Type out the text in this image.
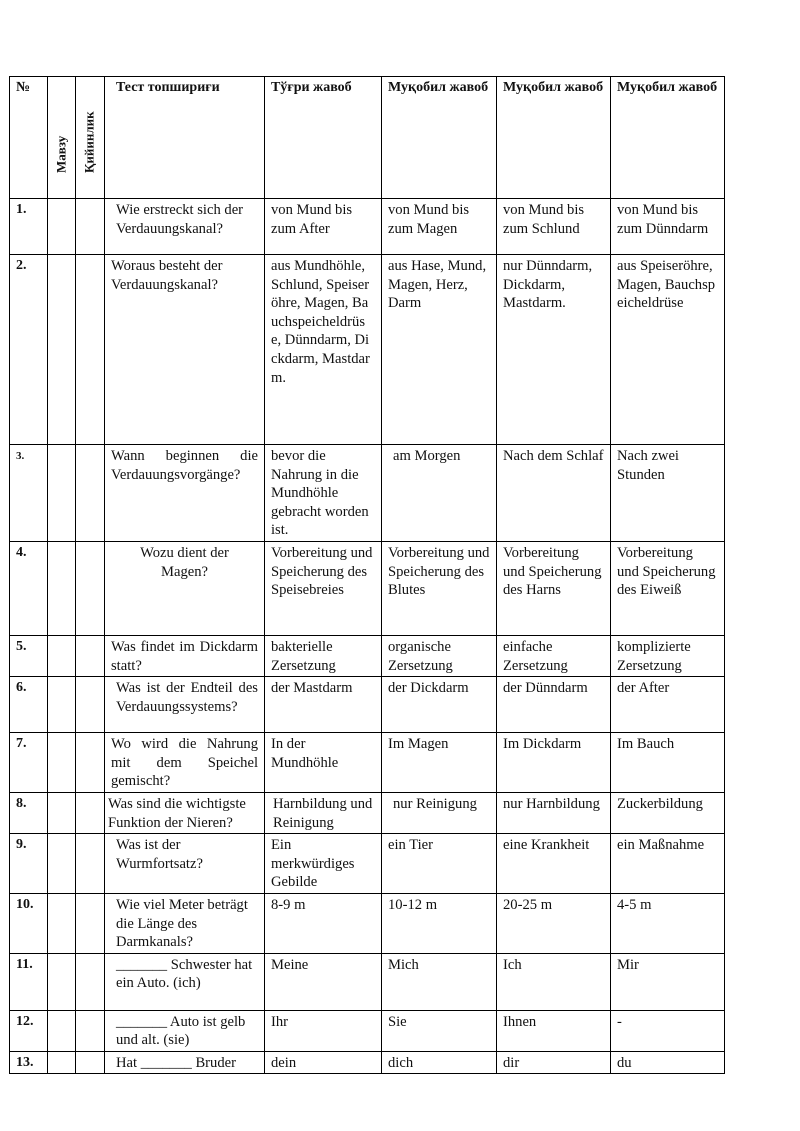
№	Мавзу	Қийинлик	Тест топшириғи	Тўғри жавоб	Муқобил жавоб	Муқобил жавоб	Муқобил жавоб
1.			Wie erstreckt sich der Verdauungskanal?	von Mund bis zum After	von Mund bis zum Magen	von Mund bis zum Schlund	von Mund bis zum Dünndarm
2.			Woraus besteht der Verdauungskanal?	aus Mundhöhle, Schlund, Speiseröhre, Magen, Bauchspeicheldrüse, Dünndarm, Dickdarm, Mastdarm.	aus Hase, Mund, Magen, Herz, Darm	nur Dünndarm, Dickdarm, Mastdarm.	aus Speiseröhre, Magen, Bauchspeicheldrüse
3.			Wann beginnen die Verdauungsvorgänge?	bevor die Nahrung in die Mundhöhle gebracht worden ist.	am Morgen	Nach dem Schlaf	Nach zwei Stunden
4.			Wozu dient der Magen?	Vorbereitung und Speicherung des Speisebreies	Vorbereitung und Speicherung des Blutes	Vorbereitung und Speicherung des Harns	Vorbereitung und Speicherung des Eiweiß
5.			Was findet im Dickdarm statt?	bakterielle Zersetzung	organische Zersetzung	einfache Zersetzung	komplizierte Zersetzung
6.			Was ist der Endteil des Verdauungssystems?	der Mastdarm	der Dickdarm	der Dünndarm	der After
7.			Wo wird die Nahrung mit dem Speichel gemischt?	In der Mundhöhle	Im Magen	Im Dickdarm	Im Bauch
8.			Was sind die wichtigste Funktion der Nieren?	Harnbildung und Reinigung	nur Reinigung	nur Harnbildung	Zuckerbildung
9.			Was ist der Wurmfortsatz?	Ein merkwürdiges Gebilde	ein Tier	eine Krankheit	ein Maßnahme
10.			Wie viel Meter beträgt die Länge des Darmkanals?	8-9 m	10-12 m	20-25 m	4-5 m
11.			_______ Schwester hat ein Auto. (ich)	Meine	Mich	Ich	Mir
12.			_______ Auto ist gelb und alt. (sie)	Ihr	Sie	Ihnen	-
13.			Hat _______ Bruder	dein	dich	dir	du
